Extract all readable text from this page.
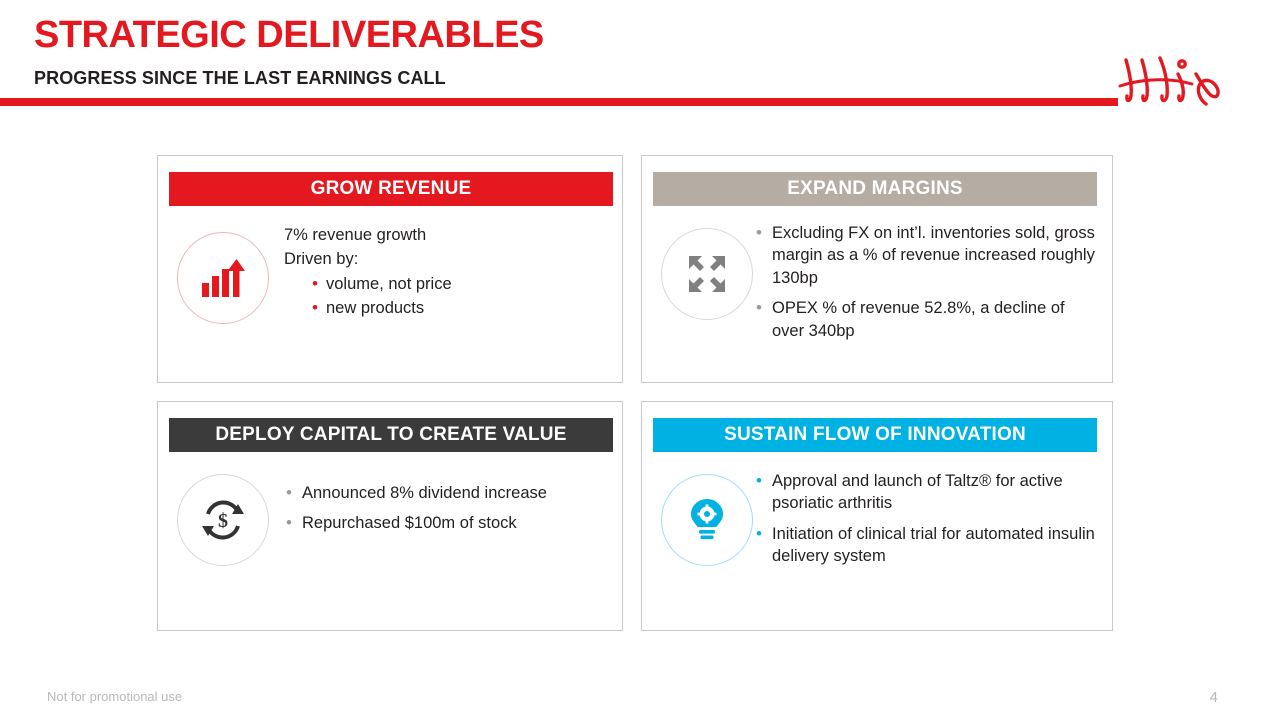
STRATEGIC DELIVERABLES
PROGRESS SINCE THE LAST EARNINGS CALL
GROW REVENUE

7% revenue growth

Driven by:

• volume, not price
• new products
EXPAND MARGINS
• Excluding FX on int’l. inventories sold, gross margin as a % of revenue increased roughly 130bp
• OPEX % of revenue 52.8%, a decline of over 340bp
DEPLOY CAPITAL TO CREATE VALUE
$
• Announced 8% dividend increase
• Repurchased $100m of stock
SUSTAIN FLOW OF INNOVATION
• Approval and launch of Taltz® for active psoriatic arthritis
• Initiation of clinical trial for automated insulin delivery system
Not for promotional use	4
